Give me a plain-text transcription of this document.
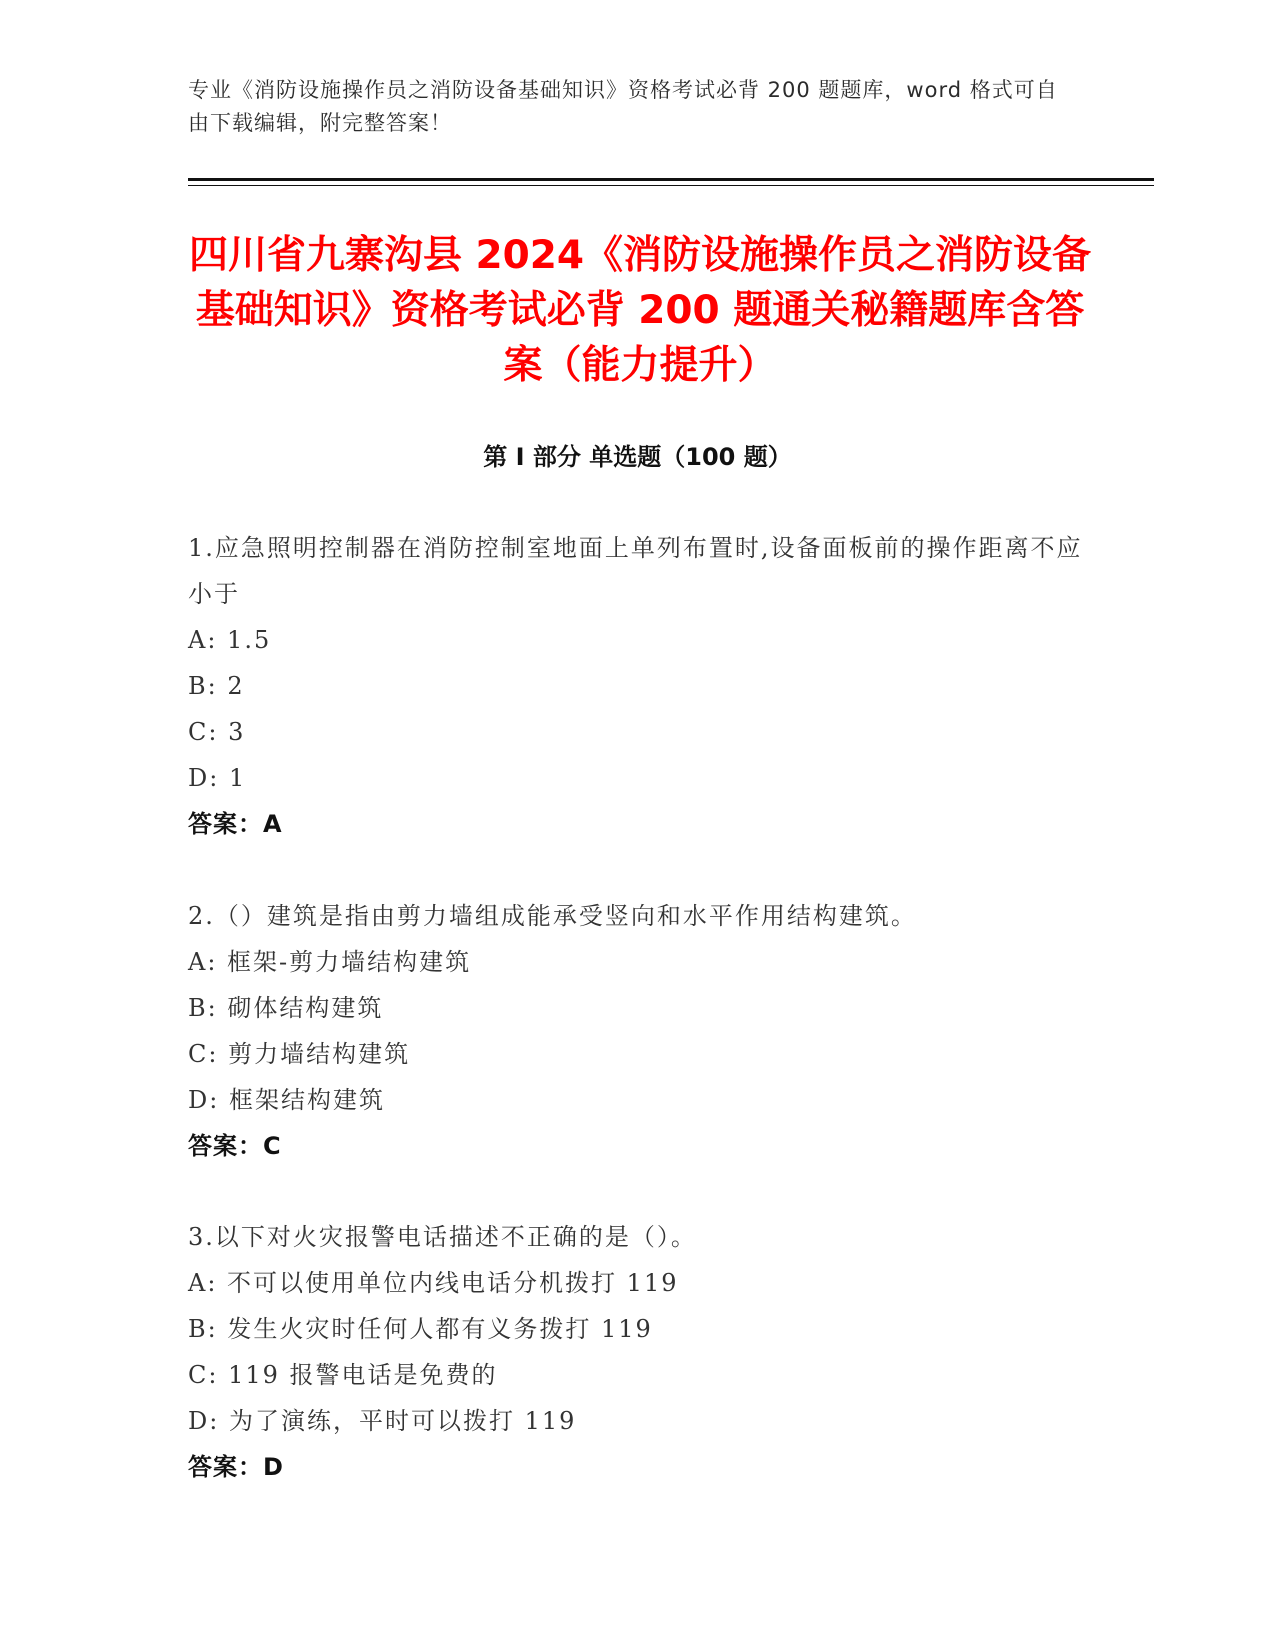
专业《消防设施操作员之消防设备基础知识》资格考试必背 200 题题库，word 格式可自由下载编辑，附完整答案！
四川省九寨沟县 2024《消防设施操作员之消防设备基础知识》资格考试必背 200 题通关秘籍题库含答案（能力提升）
第 I 部分 单选题（100 题）
1.应急照明控制器在消防控制室地面上单列布置时,设备面板前的操作距离不应小于
A: 1.5
B: 2
C: 3
D: 1
答案：A
2.（）建筑是指由剪力墙组成能承受竖向和水平作用结构建筑。
A: 框架-剪力墙结构建筑
B: 砌体结构建筑
C: 剪力墙结构建筑
D: 框架结构建筑
答案：C
3.以下对火灾报警电话描述不正确的是（）。
A: 不可以使用单位内线电话分机拨打 119
B: 发生火灾时任何人都有义务拨打 119
C: 119 报警电话是免费的
D: 为了演练，平时可以拨打 119
答案：D
